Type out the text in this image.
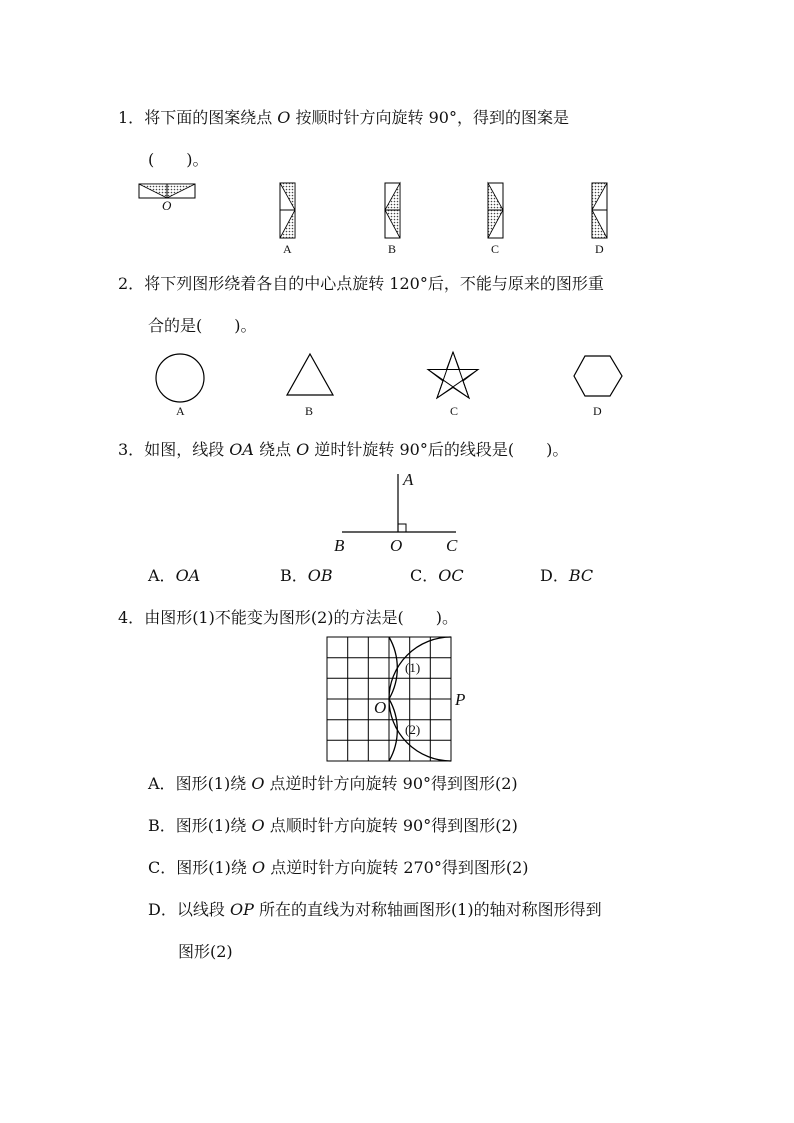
1．将下面的图案绕点 O 按顺时针方向旋转 90°，得到的图案是
(　　)。
O
A	B	C	D
2．将下列图形绕着各自的中心点旋转 120°后，不能与原来的图形重
合的是(　　)。
A	B	C	D
3．如图，线段 OA 绕点 O 逆时针旋转 90°后的线段是(　　)。
A
B	O	C
A．OA	B．OB	C．OC	D．BC
4．由图形(1)不能变为图形(2)的方法是(　　)。
(1)
(2)
O	P
A．图形(1)绕 O 点逆时针方向旋转 90°得到图形(2)
B．图形(1)绕 O 点顺时针方向旋转 90°得到图形(2)
C．图形(1)绕 O 点逆时针方向旋转 270°得到图形(2)
D．以线段 OP 所在的直线为对称轴画图形(1)的轴对称图形得到
图形(2)
